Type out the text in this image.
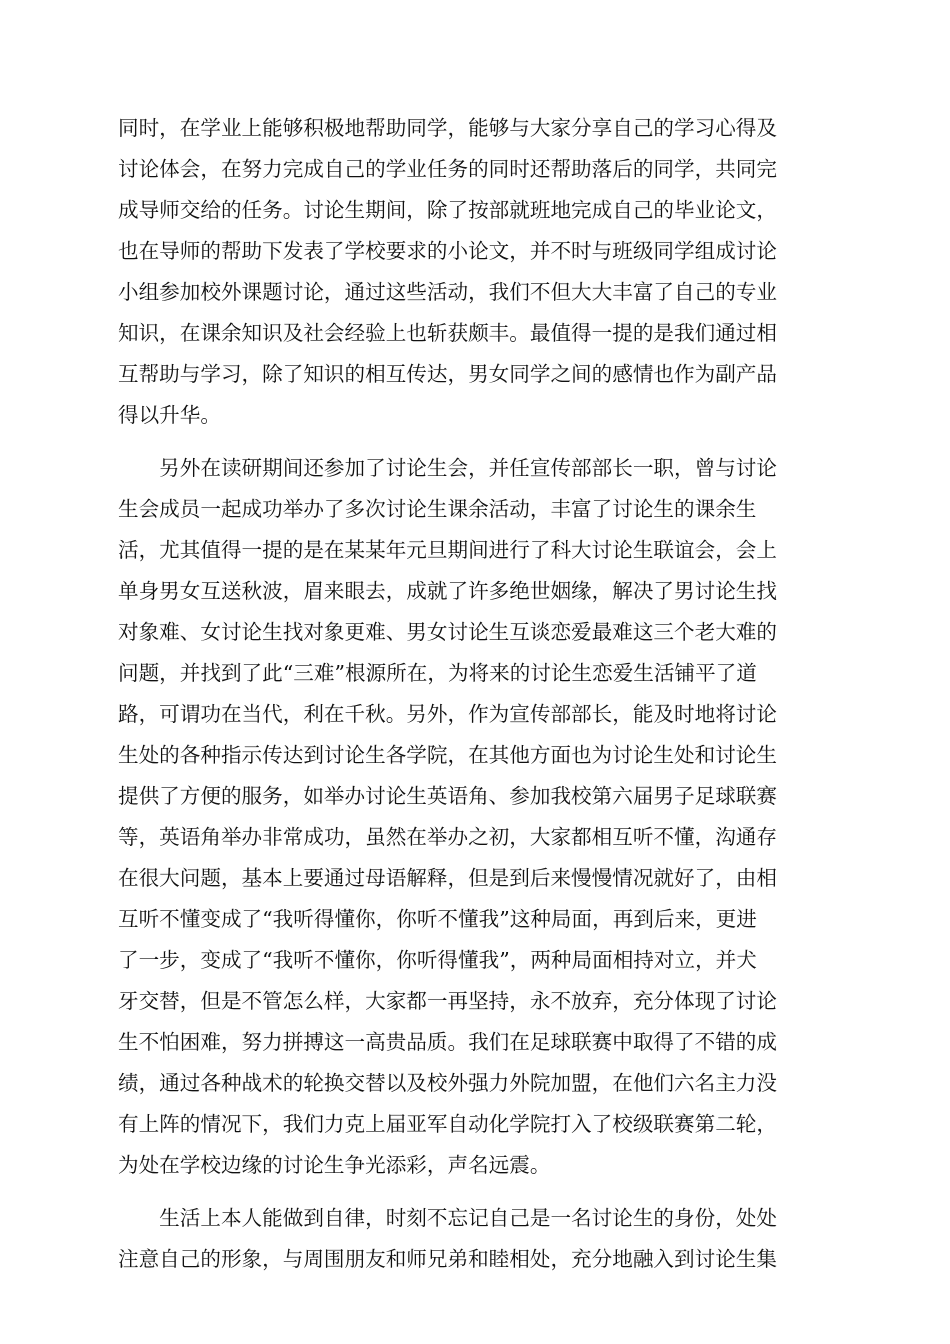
同时，在学业上能够积极地帮助同学，能够与大家分享自己的学习心得及
讨论体会，在努力完成自己的学业任务的同时还帮助落后的同学，共同完
成导师交给的任务。讨论生期间，除了按部就班地完成自己的毕业论文，
也在导师的帮助下发表了学校要求的小论文，并不时与班级同学组成讨论
小组参加校外课题讨论，通过这些活动，我们不但大大丰富了自己的专业
知识，在课余知识及社会经验上也斩获颇丰。最值得一提的是我们通过相
互帮助与学习，除了知识的相互传达，男女同学之间的感情也作为副产品
得以升华。

　　另外在读研期间还参加了讨论生会，并任宣传部部长一职，曾与讨论
生会成员一起成功举办了多次讨论生课余活动，丰富了讨论生的课余生
活，尤其值得一提的是在某某年元旦期间进行了科大讨论生联谊会，会上
单身男女互送秋波，眉来眼去，成就了许多绝世姻缘，解决了男讨论生找
对象难、女讨论生找对象更难、男女讨论生互谈恋爱最难这三个老大难的
问题，并找到了此“三难”根源所在，为将来的讨论生恋爱生活铺平了道
路，可谓功在当代，利在千秋。另外，作为宣传部部长，能及时地将讨论
生处的各种指示传达到讨论生各学院，在其他方面也为讨论生处和讨论生
提供了方便的服务，如举办讨论生英语角、参加我校第六届男子足球联赛
等，英语角举办非常成功，虽然在举办之初，大家都相互听不懂，沟通存
在很大问题，基本上要通过母语解释，但是到后来慢慢情况就好了，由相
互听不懂变成了“我听得懂你，你听不懂我”这种局面，再到后来，更进
了一步，变成了“我听不懂你，你听得懂我”，两种局面相持对立，并犬
牙交替，但是不管怎么样，大家都一再坚持，永不放弃，充分体现了讨论
生不怕困难，努力拼搏这一高贵品质。我们在足球联赛中取得了不错的成
绩，通过各种战术的轮换交替以及校外强力外院加盟，在他们六名主力没
有上阵的情况下，我们力克上届亚军自动化学院打入了校级联赛第二轮，
为处在学校边缘的讨论生争光添彩，声名远震。

　　生活上本人能做到自律，时刻不忘记自己是一名讨论生的身份，处处
注意自己的形象，与周围朋友和师兄弟和睦相处，充分地融入到讨论生集
